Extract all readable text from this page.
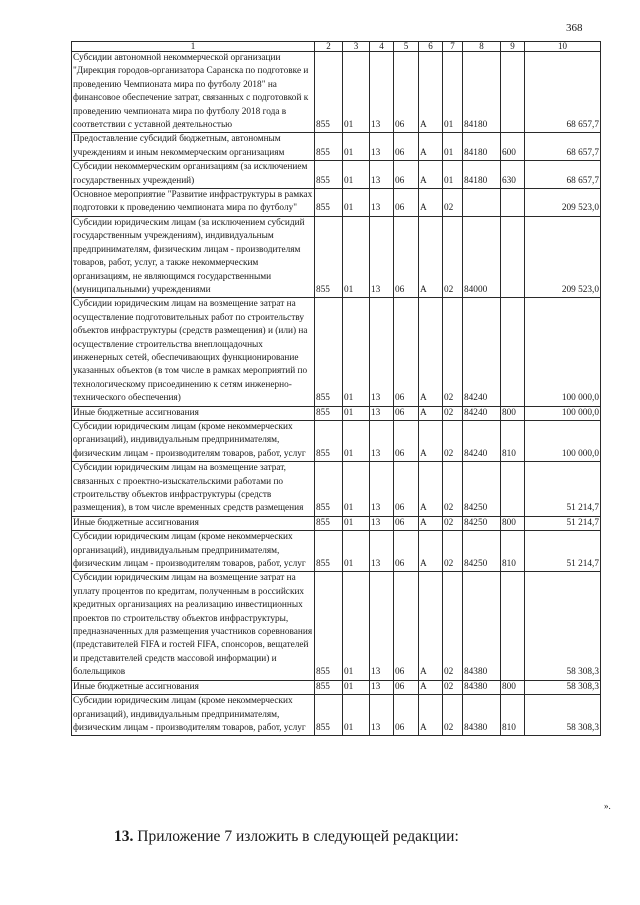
368
1	2	3	4	5	6	7	8	9	10
Субсидии автономной некоммерческой организации "Дирекция городов-организатора Саранска по подготовке и проведению Чемпионата мира по футболу 2018" на финансовое обеспечение затрат, связанных с подготовкой к проведению чемпионата мира по футболу 2018 года в соответствии с уставной деятельностью	855	01	13	06	А	01	84180		68 657,7
Предоставление субсидий бюджетным, автономным учреждениям и иным некоммерческим организациям	855	01	13	06	А	01	84180	600	68 657,7
Субсидии некоммерческим организациям (за исключением государственных учреждений)	855	01	13	06	А	01	84180	630	68 657,7
Основное мероприятие "Развитие инфраструктуры в рамках подготовки к проведению чемпионата мира по футболу"	855	01	13	06	А	02			209 523,0
Субсидии юридическим лицам (за исключением субсидий государственным учреждениям), индивидуальным предпринимателям, физическим лицам - производителям товаров, работ, услуг, а также некоммерческим организациям, не являющимся государственными (муниципальными) учреждениями	855	01	13	06	А	02	84000		209 523,0
Субсидии юридическим лицам на возмещение затрат на осуществление подготовительных работ по строительству объектов инфраструктуры (средств размещения) и (или) на осуществление строительства внеплощадочных инженерных сетей, обеспечивающих функционирование указанных объектов (в том числе в рамках мероприятий по технологическому присоединению к сетям инженерно-технического обеспечения)	855	01	13	06	А	02	84240		100 000,0
Иные бюджетные ассигнования	855	01	13	06	А	02	84240	800	100 000,0
Субсидии юридическим лицам (кроме некоммерческих организаций), индивидуальным предпринимателям, физическим лицам - производителям товаров, работ, услуг	855	01	13	06	А	02	84240	810	100 000,0
Субсидии юридическим лицам на возмещение затрат, связанных с проектно-изыскательскими работами по строительству объектов инфраструктуры (средств размещения), в том числе временных средств размещения	855	01	13	06	А	02	84250		51 214,7
Иные бюджетные ассигнования	855	01	13	06	А	02	84250	800	51 214,7
Субсидии юридическим лицам (кроме некоммерческих организаций), индивидуальным предпринимателям, физическим лицам - производителям товаров, работ, услуг	855	01	13	06	А	02	84250	810	51 214,7
Субсидии юридическим лицам на возмещение затрат на уплату процентов по кредитам, полученным в российских кредитных организациях на реализацию инвестиционных проектов по строительству объектов инфраструктуры, предназначенных для размещения участников соревнования (представителей FIFA и гостей FIFA, спонсоров, вещателей и представителей средств массовой информации) и болельщиков	855	01	13	06	А	02	84380		58 308,3
Иные бюджетные ассигнования	855	01	13	06	А	02	84380	800	58 308,3
Субсидии юридическим лицам (кроме некоммерческих организаций), индивидуальным предпринимателям, физическим лицам - производителям товаров, работ, услуг	855	01	13	06	А	02	84380	810	58 308,3
».
13. Приложение 7 изложить в следующей редакции:
